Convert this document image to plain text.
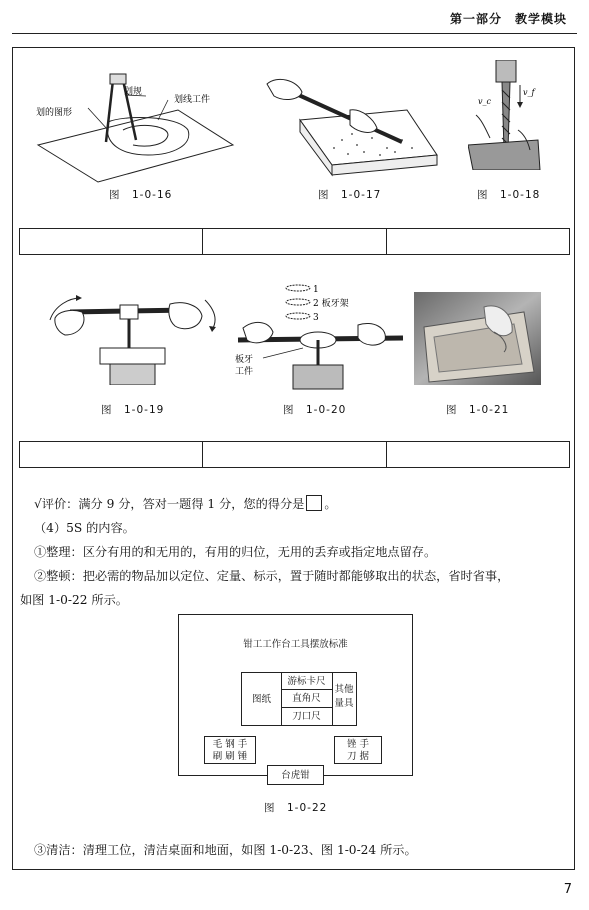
第一部分　教学模块
划规
划线工件
划的图形
图　1-0-16	图　1-0-17
v_c
v_f
图　1-0-18
图　1-0-19
1
2 板牙架
3
板牙
工件
图　1-0-20	图　1-0-21
√评价：满分 9 分，答对一题得 1 分，您的得分是 。
（4）5S 的内容。
①整理：区分有用的和无用的，有用的归位，无用的丢弃或指定地点留存。
②整顿：把必需的物品加以定位、定量、标示，置于随时都能够取出的状态，省时省事，
如图 1-0-22 所示。
钳工工作台工具摆放标准
图纸
游标卡尺
直角尺
刀口尺
其他
量具
毛 钢 手
刷 刷 锤
锉 手
刀 据
台虎钳
图　1-0-22
③清洁：清理工位，清洁桌面和地面，如图 1-0-23、图 1-0-24 所示。
7
